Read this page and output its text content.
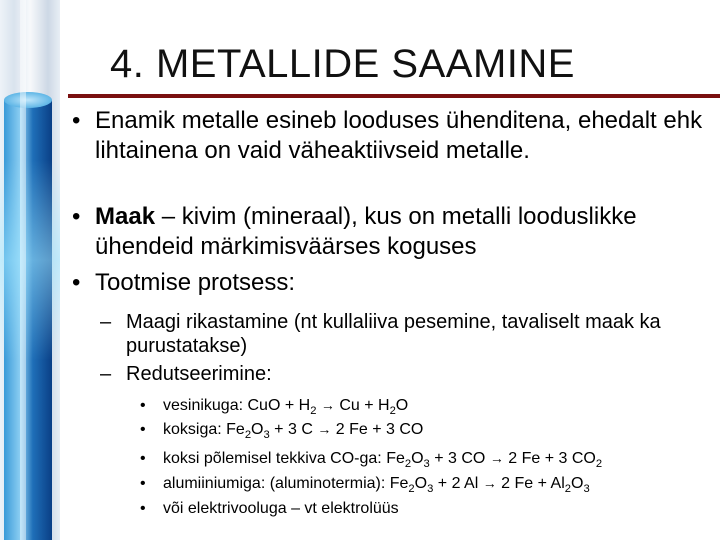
4. METALLIDE SAAMINE
• Enamik metalle esineb looduses ühenditena, ehedalt ehk lihtainena on vaid väheaktiivseid metalle.
• Maak – kivim (mineraal), kus on metalli looduslikke ühendeid märkimisväärses koguses
• Tootmise protsess:
– Maagi rikastamine (nt kullaliiva pesemine, tavaliselt maak ka purustatakse)
– Redutseerimine:
• vesinikuga: CuO + $H_2 \to Cu + H_2O$
• koksiga: $Fe_2O_3 + 3$ C → 2 Fe + 3 CO
• koksi põlemisel tekkiva CO-ga: $Fe_2O_3 + 3$ CO → 2 Fe + 3 $CO_2$
• alumiiniumiga: (aluminotermia): $Fe_2O_3 + 2$ Al → 2 $Fe + Al_2O_3$
• või elektrivooluga – vt elektrolüüs
